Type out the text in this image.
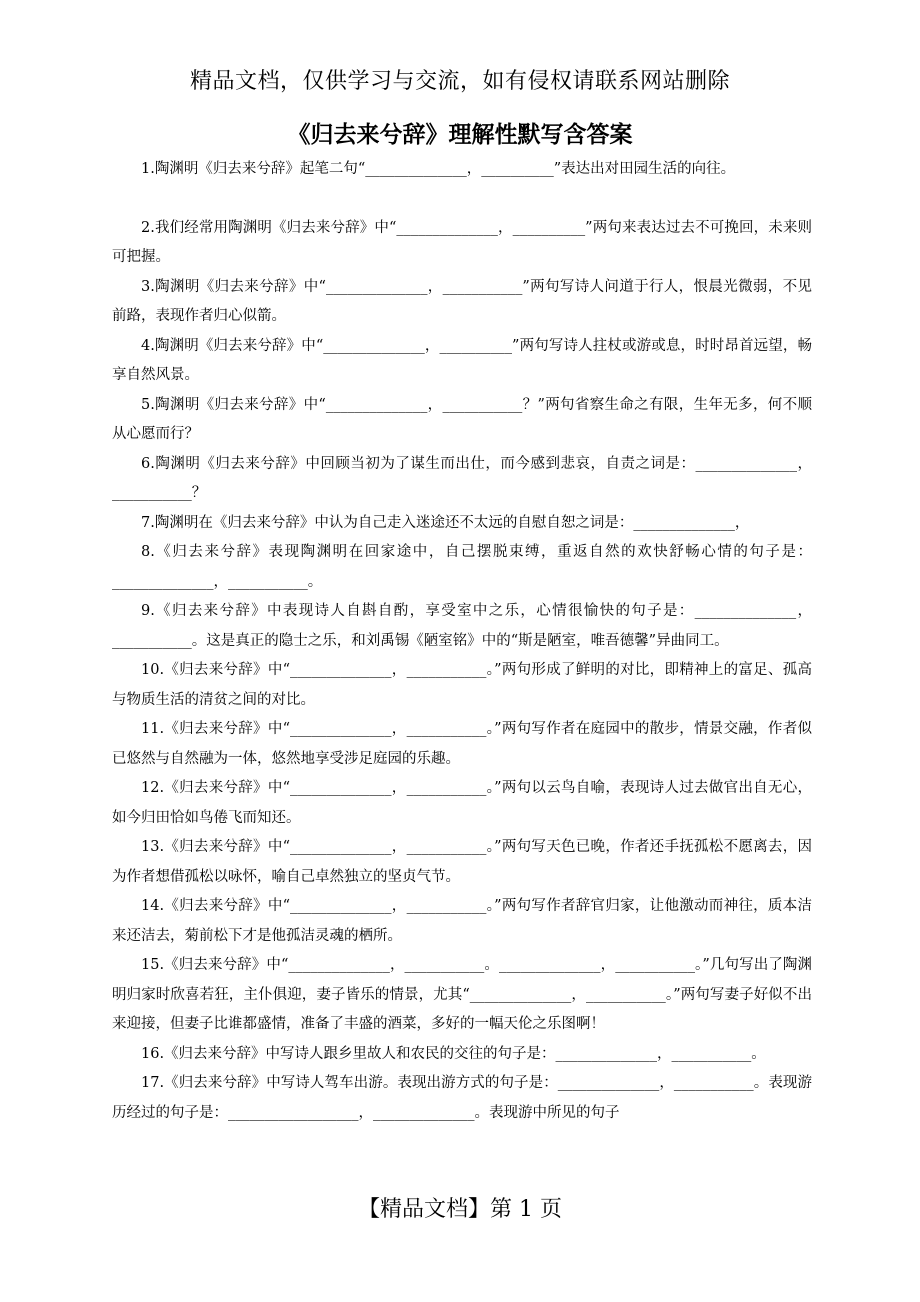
精品文档，仅供学习与交流，如有侵权请联系网站删除
《归去来兮辞》理解性默写含答案

1.陶渊明《归去来兮辞》起笔二句“______________，__________”表达出对田园生活的向往。

2.我们经常用陶渊明《归去来兮辞》中“______________，__________”两句来表达过去不可挽回，未来则可把握。

3.陶渊明《归去来兮辞》中“______________，___________”两句写诗人问道于行人，恨晨光微弱，不见前路，表现作者归心似箭。

4.陶渊明《归去来兮辞》中“______________，__________”两句写诗人拄杖或游或息，时时昂首远望，畅享自然风景。

5.陶渊明《归去来兮辞》中“______________，___________？”两句省察生命之有限，生年无多，何不顺从心愿而行？

6.陶渊明《归去来兮辞》中回顾当初为了谋生而出仕，而今感到悲哀，自责之词是：______________，___________？

7.陶渊明在《归去来兮辞》中认为自己走入迷途还不太远的自慰自恕之词是：______________，

8.《归去来兮辞》表现陶渊明在回家途中，自己摆脱束缚，重返自然的欢快舒畅心情的句子是：______________，___________。

9.《归去来兮辞》中表现诗人自斟自酌，享受室中之乐，心情很愉快的句子是：______________，___________。这是真正的隐士之乐，和刘禹锡《陋室铭》中的“斯是陋室，唯吾德馨”异曲同工。

10.《归去来兮辞》中“______________，___________。”两句形成了鲜明的对比，即精神上的富足、孤高与物质生活的清贫之间的对比。

11.《归去来兮辞》中“______________，___________。”两句写作者在庭园中的散步，情景交融，作者似已悠然与自然融为一体，悠然地享受涉足庭园的乐趣。

12.《归去来兮辞》中“______________，___________。”两句以云鸟自喻，表现诗人过去做官出自无心，如今归田恰如鸟倦飞而知还。

13.《归去来兮辞》中“______________，___________。”两句写天色已晚，作者还手抚孤松不愿离去，因为作者想借孤松以咏怀，喻自己卓然独立的坚贞气节。

14.《归去来兮辞》中“______________，___________。”两句写作者辞官归家，让他激动而神往，质本洁来还洁去，菊前松下才是他孤洁灵魂的栖所。

15.《归去来兮辞》中“______________，___________。______________，___________。”几句写出了陶渊明归家时欣喜若狂，主仆俱迎，妻子皆乐的情景，尤其“______________，___________。”两句写妻子好似不出来迎接，但妻子比谁都盛情，准备了丰盛的酒菜，多好的一幅天伦之乐图啊！

16.《归去来兮辞》中写诗人跟乡里故人和农民的交往的句子是：______________，___________。

17.《归去来兮辞》中写诗人驾车出游。表现出游方式的句子是：______________，___________。表现游历经过的句子是：__________________，______________。表现游中所见的句子

【精品文档】第 1 页
